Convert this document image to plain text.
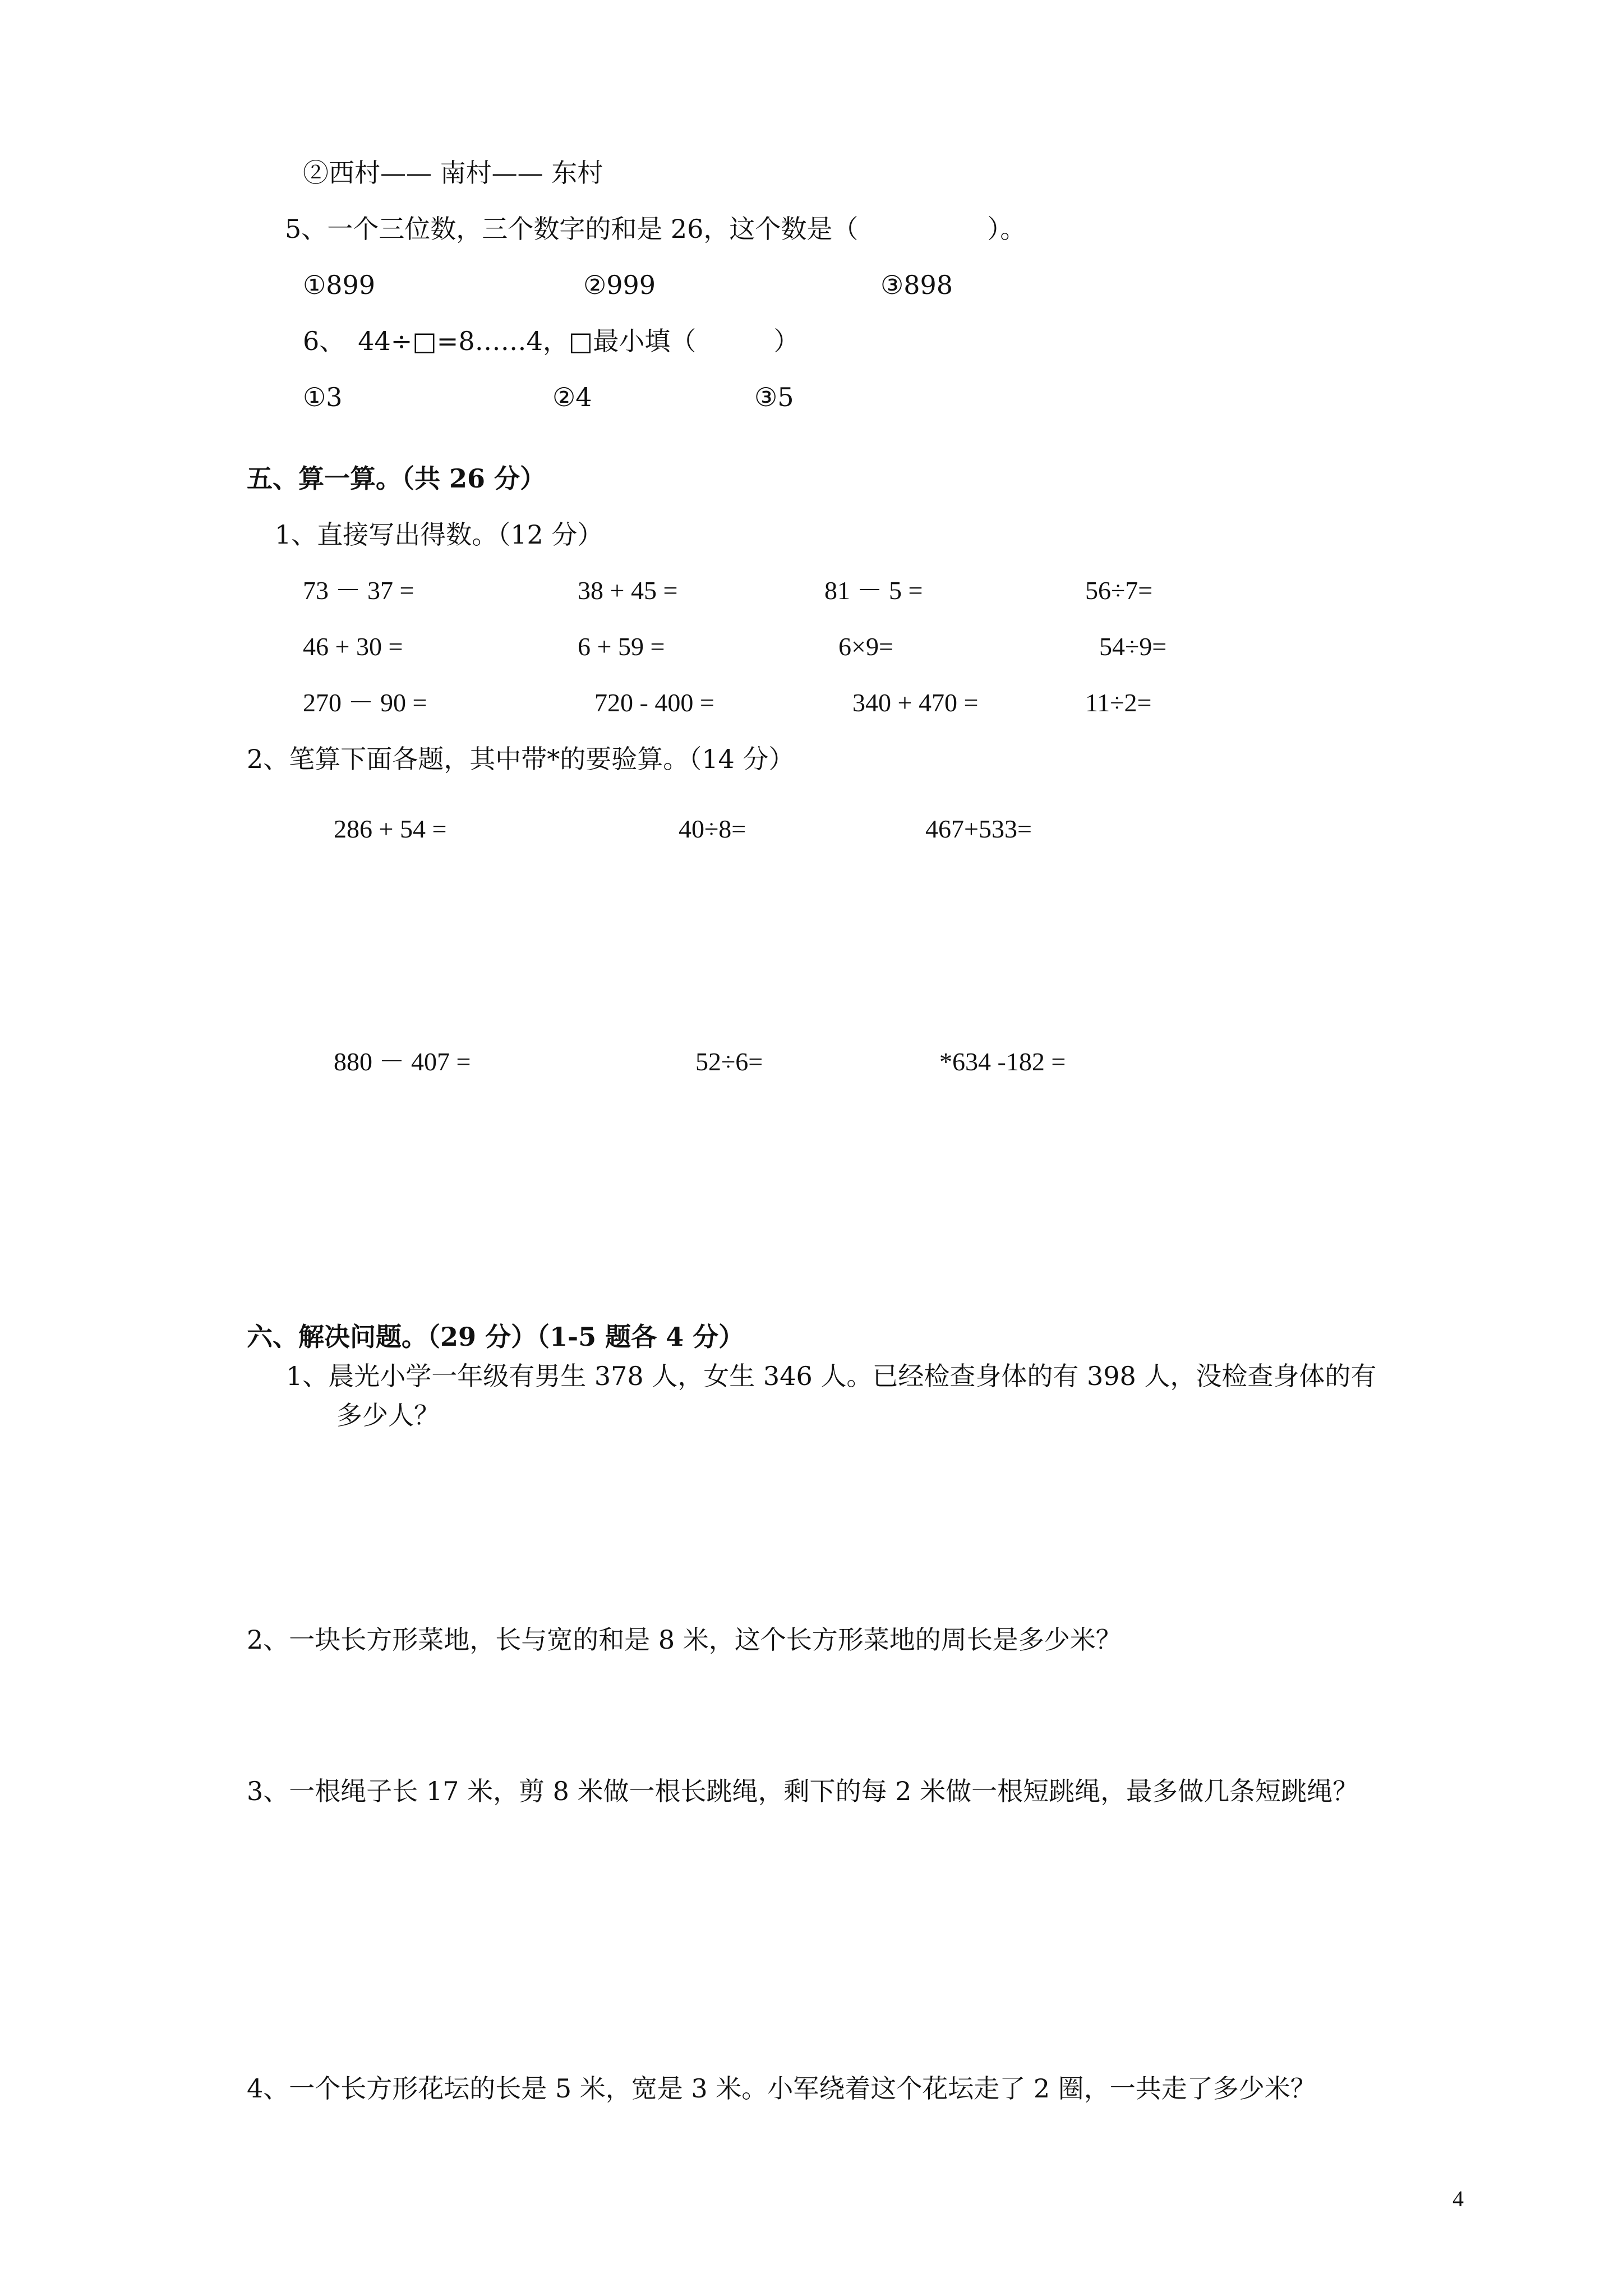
②西村—— 南村—— 东村
5、一个三位数，三个数字的和是 26，这个数是（　　　　　）。
①899	②999	③898
6、　44÷□=8……4，□最小填（　　　）
①3	②4	③5
五、算一算。（共 26 分）
1、直接写出得数。（12 分）
73 － 37 =	38 + 45 =	81 － 5 =	56÷7=
46 + 30 =	6 + 59 =	6×9=	54÷9=
270 － 90 =	720 - 400 =	340 + 470 =	11÷2=
2、笔算下面各题，其中带*的要验算。（14 分）
286 + 54 =	40÷8=	467+533=
880 － 407 =	52÷6=	*634 -182 =
六、解决问题。（29 分）（1-5 题各 4 分）
1、晨光小学一年级有男生 378 人，女生 346 人。已经检查身体的有 398 人，没检查身体的有
多少人？
2、一块长方形菜地，长与宽的和是 8 米，这个长方形菜地的周长是多少米？
3、一根绳子长 17 米，剪 8 米做一根长跳绳，剩下的每 2 米做一根短跳绳，最多做几条短跳绳？
4、一个长方形花坛的长是 5 米，宽是 3 米。小军绕着这个花坛走了 2 圈，一共走了多少米？
4
